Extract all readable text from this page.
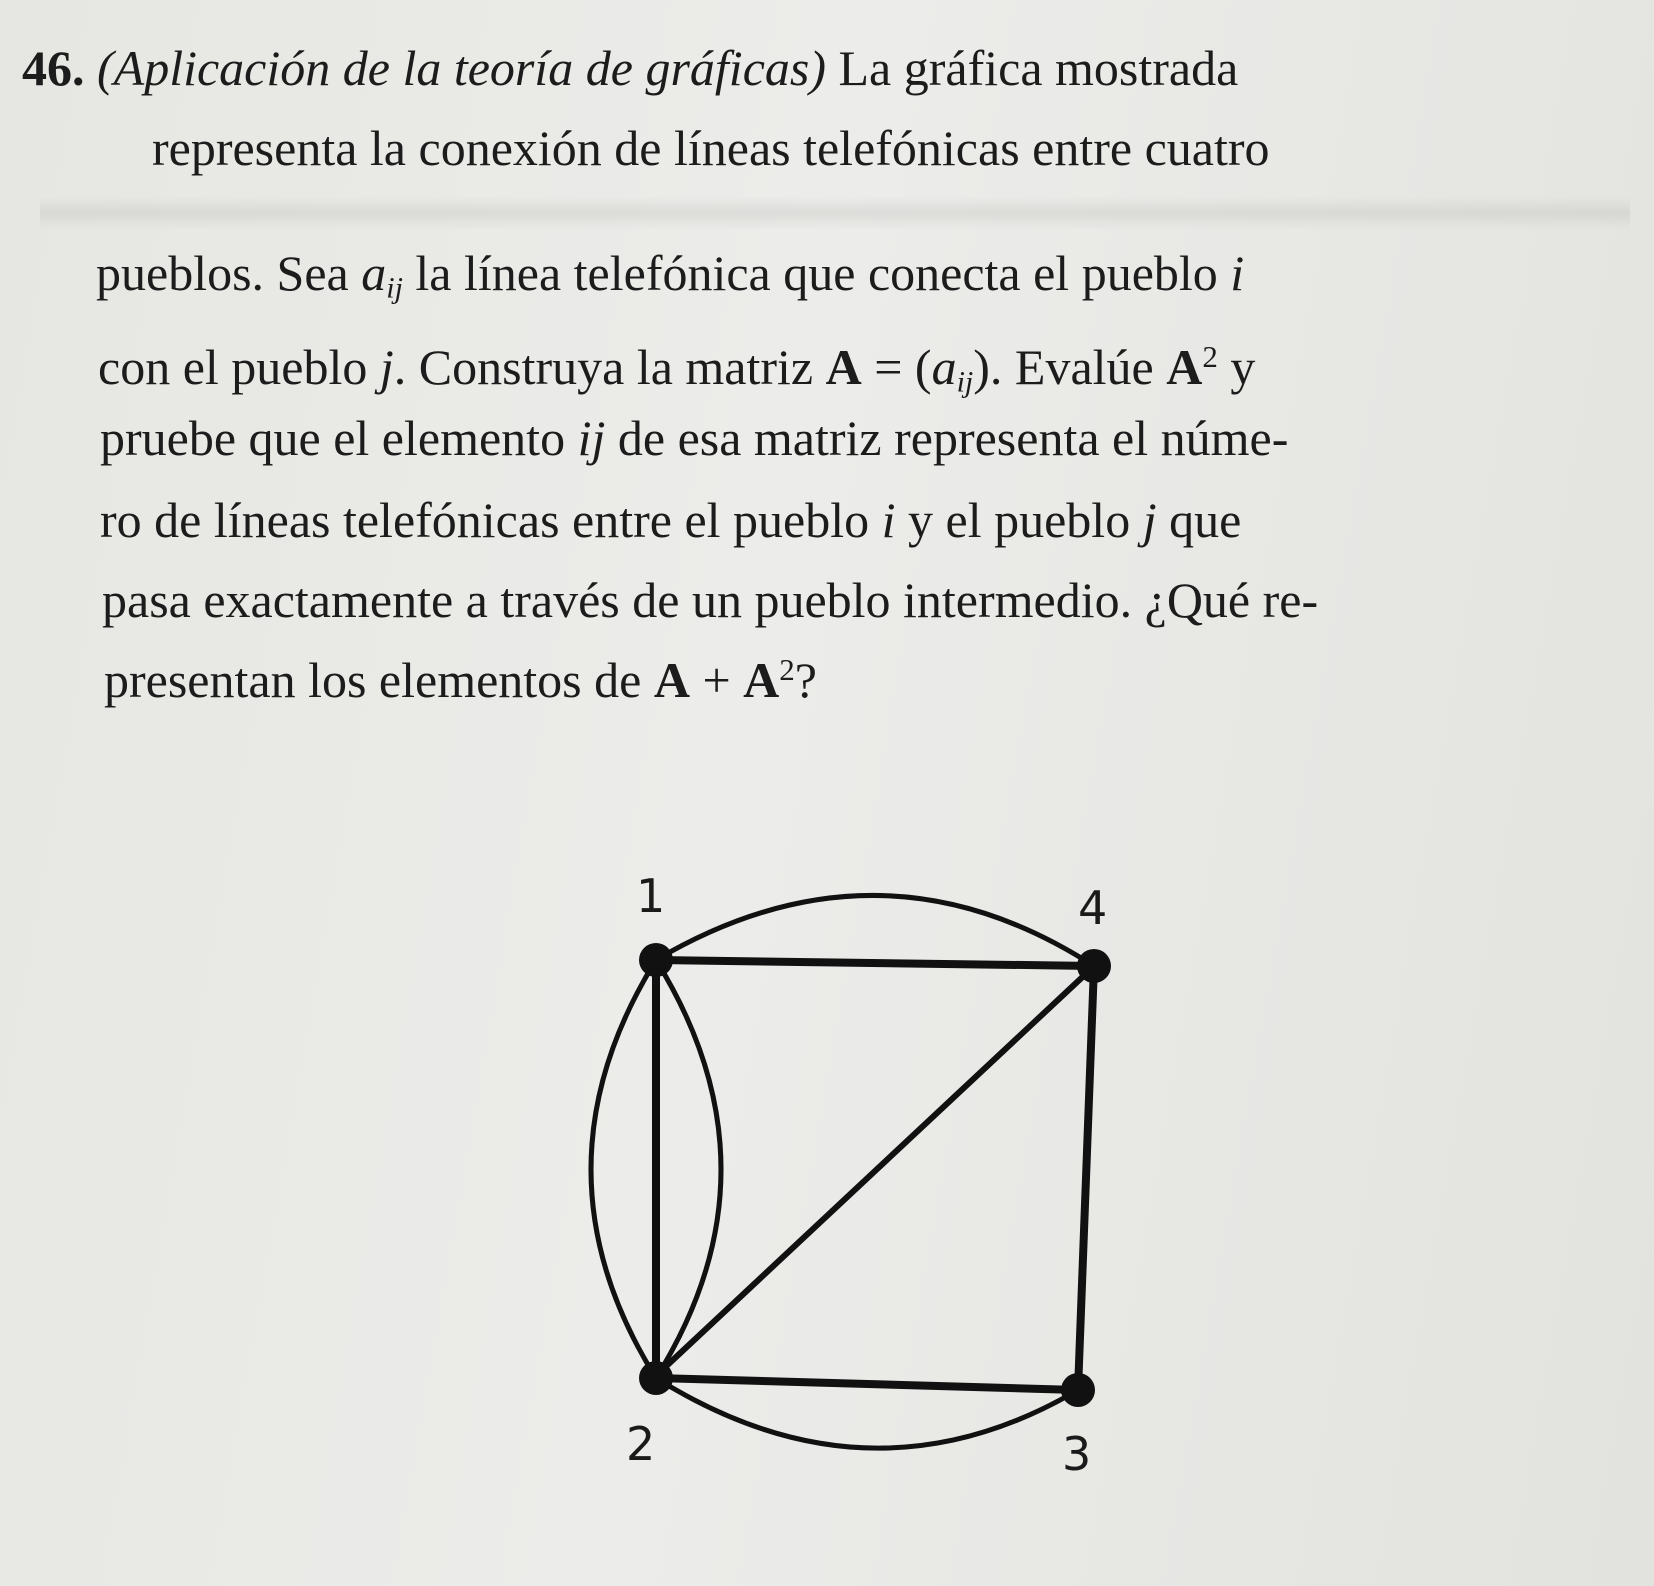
46. (Aplicación de la teoría de gráficas) La gráfica mostrada
representa la conexión de líneas telefónicas entre cuatro
pueblos. Sea $a_{ij}$ la línea telefónica que conecta el pueblo i
con el pueblo j. Construya la matriz $A = (a_{ij})$. Evalúe $A^2$ y
pruebe que el elemento ij de esa matriz representa el núme-
ro de líneas telefónicas entre el pueblo i y el pueblo j que
pasa exactamente a través de un pueblo intermedio. ¿Qué re-
presentan los elementos de $A + A^2$?
1	4
2	3
